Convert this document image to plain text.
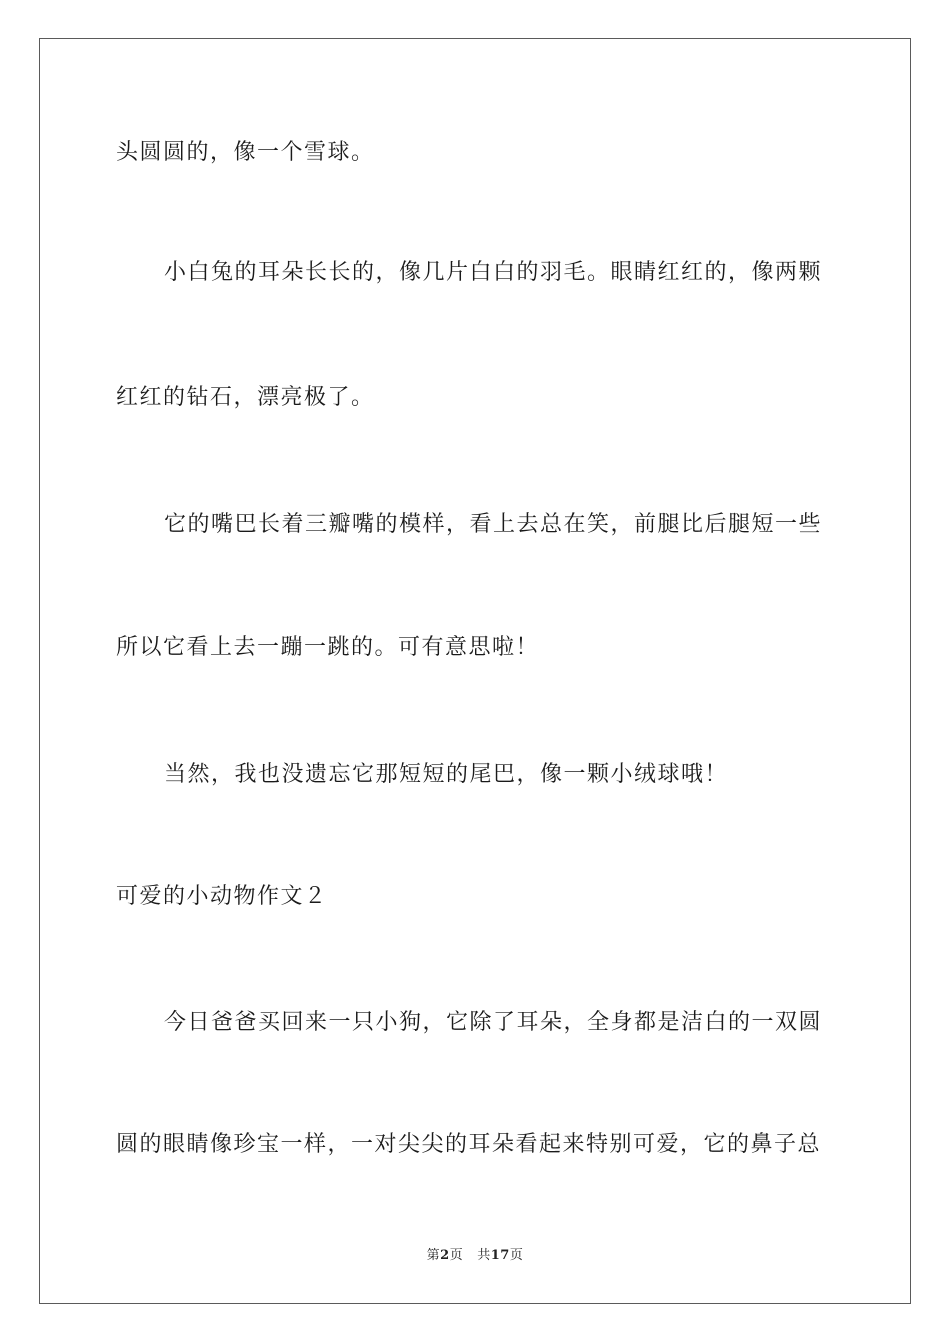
头圆圆的，像一个雪球。
小白兔的耳朵长长的，像几片白白的羽毛。眼睛红红的，像两颗
红红的钻石，漂亮极了。
它的嘴巴长着三瓣嘴的模样，看上去总在笑，前腿比后腿短一些
所以它看上去一蹦一跳的。可有意思啦！
当然，我也没遗忘它那短短的尾巴，像一颗小绒球哦！
可爱的小动物作文２
今日爸爸买回来一只小狗，它除了耳朵，全身都是洁白的一双圆
圆的眼睛像珍宝一样，一对尖尖的耳朵看起来特别可爱，它的鼻子总
第2页 共17页
